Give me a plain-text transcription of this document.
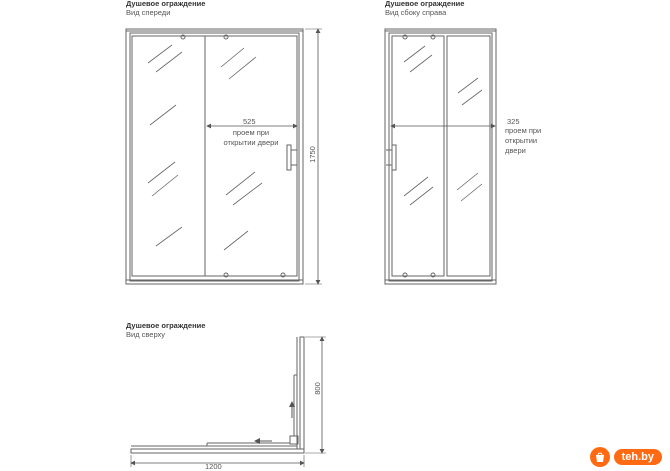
Душевое ограждение
Вид спереди
525
проем при
открытии двери
1750
Душевое ограждение
Вид сбоку справа
325
проем при
открытии
двери
Душевое ограждение
Вид сверху
800
1200
teh.by
